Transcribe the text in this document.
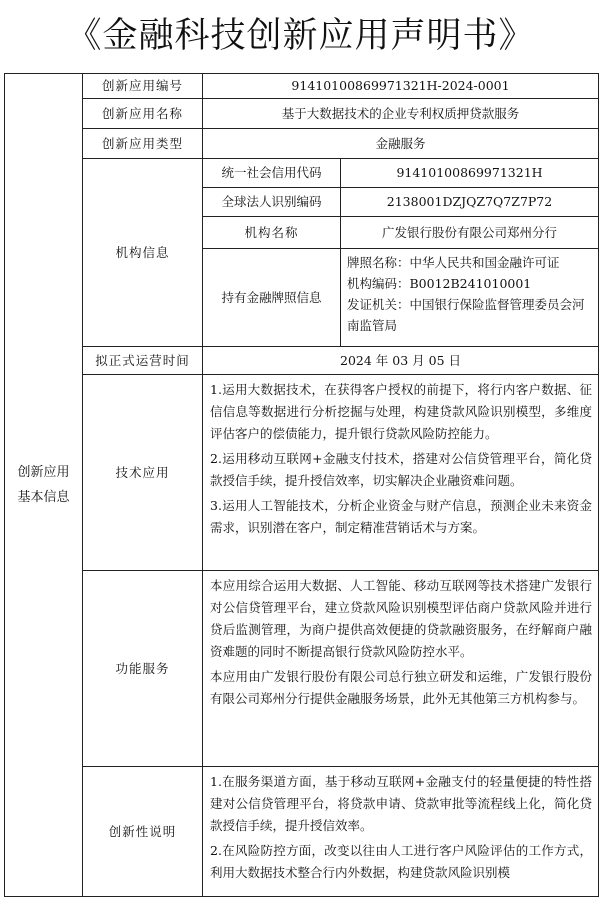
《金融科技创新应用声明书》
创新应用基本信息	创新应用编号	91410100869971321H-2024-0001	
	创新应用名称	基于大数据技术的企业专利权质押贷款服务	
	创新应用类型	金融服务	
	机构信息	统一社会信用代码	91410100869971321H
		全球法人识别编码	2138001DZJQZ7Q7Z7P72
		机构名称	广发银行股份有限公司郑州分行
		持有金融牌照信息	牌照名称：中华人民共和国金融许可证
机构编码：B0012B241010001
发证机关：中国银行保险监督管理委员会河南监管局

	拟正式运营时间	2024 年 03 月 05 日	
	技术应用	1.运用大数据技术，在获得客户授权的前提下，将行内客户数据、征信信息等数据进行分析挖掘与处理，构建贷款风险识别模型，多维度评估客户的偿债能力，提升银行贷款风险防控能力。

2.运用移动互联网+金融支付技术，搭建对公信贷管理平台，简化贷款授信手续，提升授信效率，切实解决企业融资难问题。

3.运用人工智能技术，分析企业资金与财产信息，预测企业未来资金需求，识别潜在客户，制定精准营销话术与方案。	

	功能服务	本应用综合运用大数据、人工智能、移动互联网等技术搭建广发银行对公信贷管理平台，建立贷款风险识别模型评估商户贷款风险并进行贷后监测管理，为商户提供高效便捷的贷款融资服务，在纾解商户融资难题的同时不断提高银行贷款风险防控水平。

本应用由广发银行股份有限公司总行独立研发和运维，广发银行股份有限公司郑州分行提供金融服务场景，此外无其他第三方机构参与。	

	创新性说明	1.在服务渠道方面，基于移动互联网+金融支付的轻量便捷的特性搭建对公信贷管理平台，将贷款申请、贷款审批等流程线上化，简化贷款授信手续，提升授信效率。

2.在风险防控方面，改变以往由人工进行客户风险评估的工作方式，利用大数据技术整合行内外数据，构建贷款风险识别模	
